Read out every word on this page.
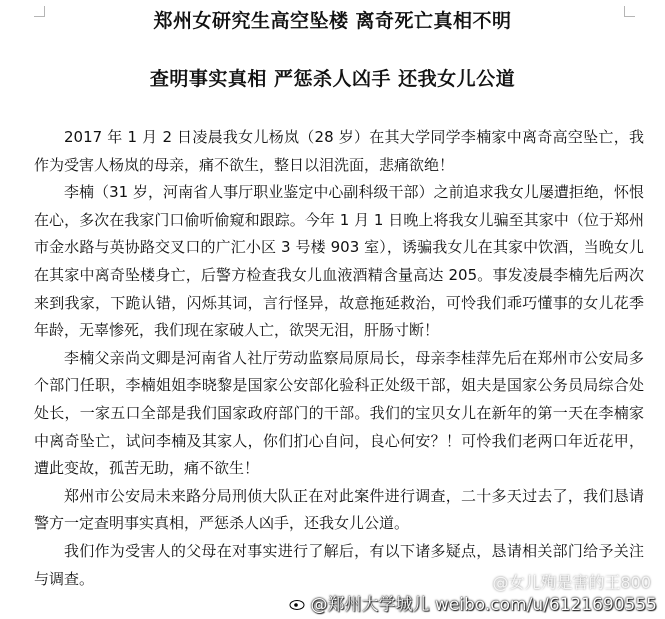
郑州女研究生高空坠楼 离奇死亡真相不明
查明事实真相 严惩杀人凶手 还我女儿公道

2017 年 1 月 2 日凌晨我女儿杨岚（28 岁）在其大学同学李楠家中离奇高空坠亡，我作为受害人杨岚的母亲，痛不欲生，整日以泪洗面，悲痛欲绝！

李楠（31 岁，河南省人事厅职业鉴定中心副科级干部）之前追求我女儿屡遭拒绝，怀恨在心，多次在我家门口偷听偷窥和跟踪。今年 1 月 1 日晚上将我女儿骗至其家中（位于郑州市金水路与英协路交叉口的广汇小区 3 号楼 903 室），诱骗我女儿在其家中饮酒，当晚女儿在其家中离奇坠楼身亡，后警方检查我女儿血液酒精含量高达 205。事发凌晨李楠先后两次来到我家，下跪认错，闪烁其词，言行怪异，故意拖延救治，可怜我们乖巧懂事的女儿花季年龄，无辜惨死，我们现在家破人亡，欲哭无泪，肝肠寸断！

李楠父亲尚文卿是河南省人社厅劳动监察局原局长，母亲李桂萍先后在郑州市公安局多个部门任职，李楠姐姐李晓黎是国家公安部化验科正处级干部，姐夫是国家公务员局综合处处长，一家五口全部是我们国家政府部门的干部。我们的宝贝女儿在新年的第一天在李楠家中离奇坠亡，试问李楠及其家人，你们扪心自问，良心何安？！可怜我们老两口年近花甲，遭此变故，孤苦无助，痛不欲生！

郑州市公安局未来路分局刑侦大队正在对此案件进行调查，二十多天过去了，我们恳请警方一定查明事实真相，严惩杀人凶手，还我女儿公道。

我们作为受害人的父母在对事实进行了解后，有以下诸多疑点，恳请相关部门给予关注与调查。	@女儿殉是害的王800
@郑州大学城儿 weibo.com/u/6121690555
